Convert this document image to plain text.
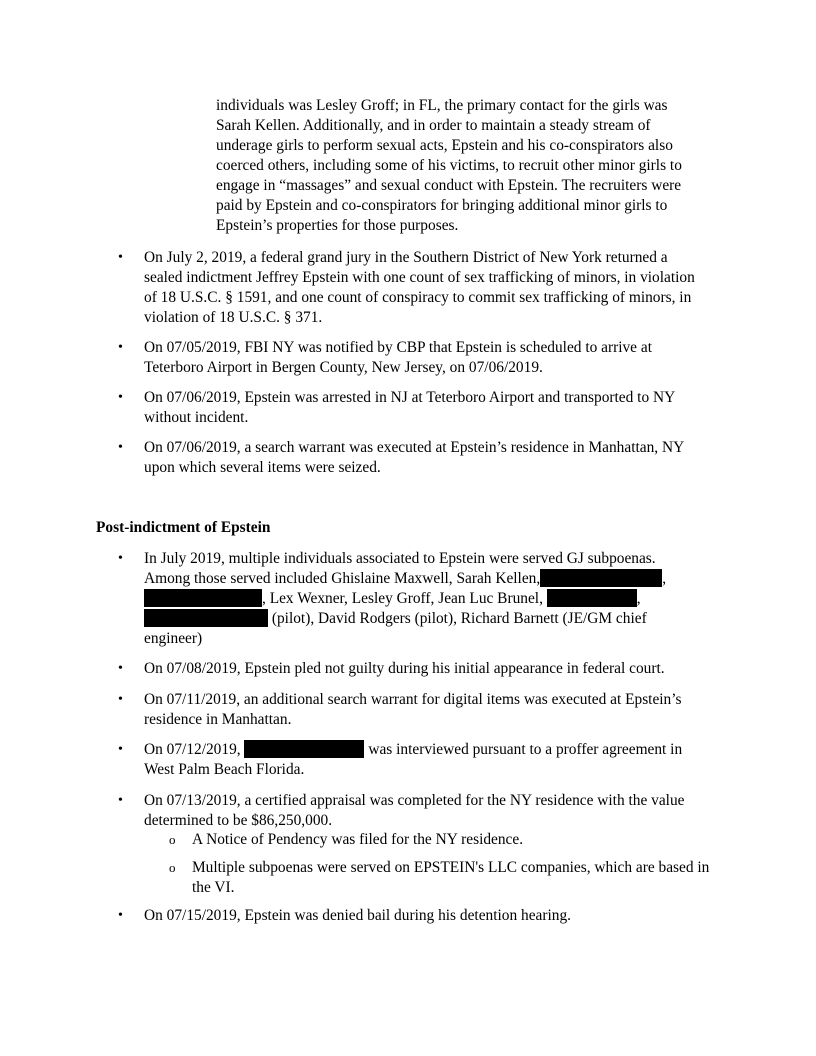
individuals was Lesley Groff; in FL, the primary contact for the girls was Sarah Kellen. Additionally, and in order to maintain a steady stream of underage girls to perform sexual acts, Epstein and his co-conspirators also coerced others, including some of his victims, to recruit other minor girls to engage in “massages” and sexual conduct with Epstein. The recruiters were paid by Epstein and co-conspirators for bringing additional minor girls to Epstein’s properties for those purposes.

• On July 2, 2019, a federal grand jury in the Southern District of New York returned a sealed indictment Jeffrey Epstein with one count of sex trafficking of minors, in violation of 18 U.S.C. § 1591, and one count of conspiracy to commit sex trafficking of minors, in violation of 18 U.S.C. § 371.
• On 07/05/2019, FBI NY was notified by CBP that Epstein is scheduled to arrive at Teterboro Airport in Bergen County, New Jersey, on 07/06/2019.
• On 07/06/2019, Epstein was arrested in NJ at Teterboro Airport and transported to NY without incident.
• On 07/06/2019, a search warrant was executed at Epstein’s residence in Manhattan, NY upon which several items were seized.
Post-indictment of Epstein
• In July 2019, multiple individuals associated to Epstein were served GJ subpoenas. Among those served included Ghislaine Maxwell, Sarah Kellen,	, , Lex Wexner, Lesley Groff, Jean Luc Brunel,	,  (pilot), David Rodgers (pilot), Richard Barnett (JE/GM chief engineer)
• On 07/08/2019, Epstein pled not guilty during his initial appearance in federal court.
• On 07/11/2019, an additional search warrant for digital items was executed at Epstein’s residence in Manhattan.
• On 07/12/2019,	was interviewed pursuant to a proffer agreement in West Palm Beach Florida.
• On 07/13/2019, a certified appraisal was completed for the NY residence with the value determined to be $86,250,000.
o A Notice of Pendency was filed for the NY residence.
o Multiple subpoenas were served on EPSTEIN's LLC companies, which are based in the VI.
• On 07/15/2019, Epstein was denied bail during his detention hearing.
